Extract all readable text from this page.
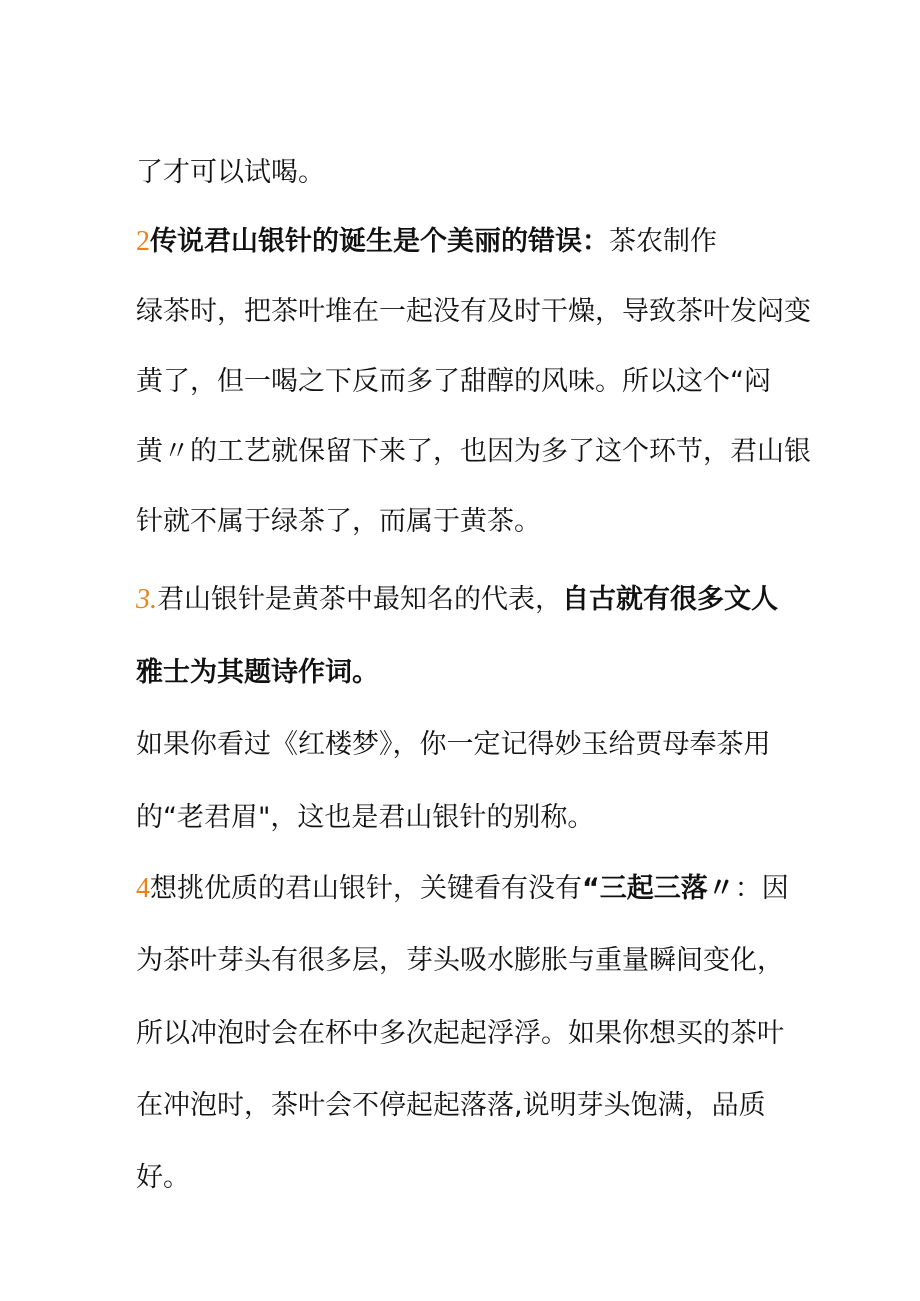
了才可以试喝。
2传说君山银针的诞生是个美丽的错误：茶农制作
绿茶时，把茶叶堆在一起没有及时干燥，导致茶叶发闷变
黄了，但一喝之下反而多了甜醇的风味。所以这个“闷
黄〃的工艺就保留下来了，也因为多了这个环节，君山银
针就不属于绿茶了，而属于黄茶。
3.君山银针是黄茶中最知名的代表，自古就有很多文人
雅士为其题诗作词。
如果你看过《红楼梦》，你一定记得妙玉给贾母奉茶用
的“老君眉"，这也是君山银针的别称。
4想挑优质的君山银针，关键看有没有“三起三落〃：因
为茶叶芽头有很多层，芽头吸水膨胀与重量瞬间变化，
所以冲泡时会在杯中多次起起浮浮。如果你想买的茶叶
在冲泡时，茶叶会不停起起落落,说明芽头饱满，品质
好。
